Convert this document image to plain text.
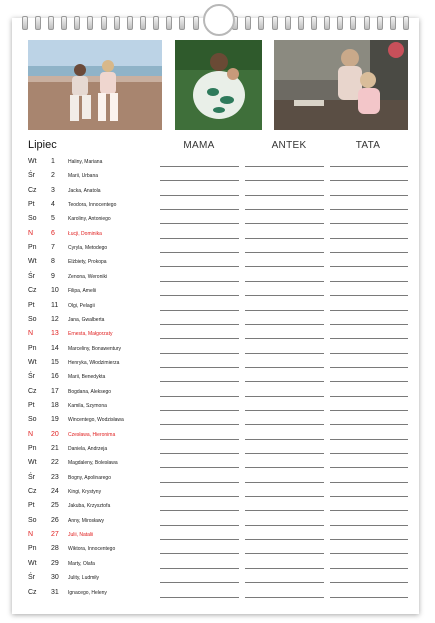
Lipiec	MAMA	ANTEK	TATA
Wt	1	Haliny, Mariana
Śr	2	Marii, Urbana
Cz	3	Jacka, Anatola
Pt	4	Teodora, Innocentego
So	5	Karoliny, Antoniego
N	6	Łucji, Dominika
Pn	7	Cyryla, Metodego
Wt	8	Elżbiety, Prokopa
Śr	9	Zenona, Weroniki
Cz	10	Filipa, Amelii
Pt	11	Olgi, Pelagii
So	12	Jana, Gwalberta
N	13	Ernesta, Małgorzaty
Pn	14	Marceliny, Bonawentury
Wt	15	Henryka, Włodzimierza
Śr	16	Marii, Benedykta
Cz	17	Bogdana, Aleksego
Pt	18	Kamila, Szymona
So	19	Wincentego, Wodzisława
N	20	Czesława, Hieronima
Pn	21	Daniela, Andrzeja
Wt	22	Magdaleny, Bolesława
Śr	23	Bogny, Apolinarego
Cz	24	Kingi, Krystyny
Pt	25	Jakuba, Krzysztofa
So	26	Anny, Mirosławy
N	27	Julii, Natalii
Pn	28	Wiktora, Innocentego
Wt	29	Marty, Olafa
Śr	30	Julity, Ludmiły
Cz	31	Ignacego, Heleny
